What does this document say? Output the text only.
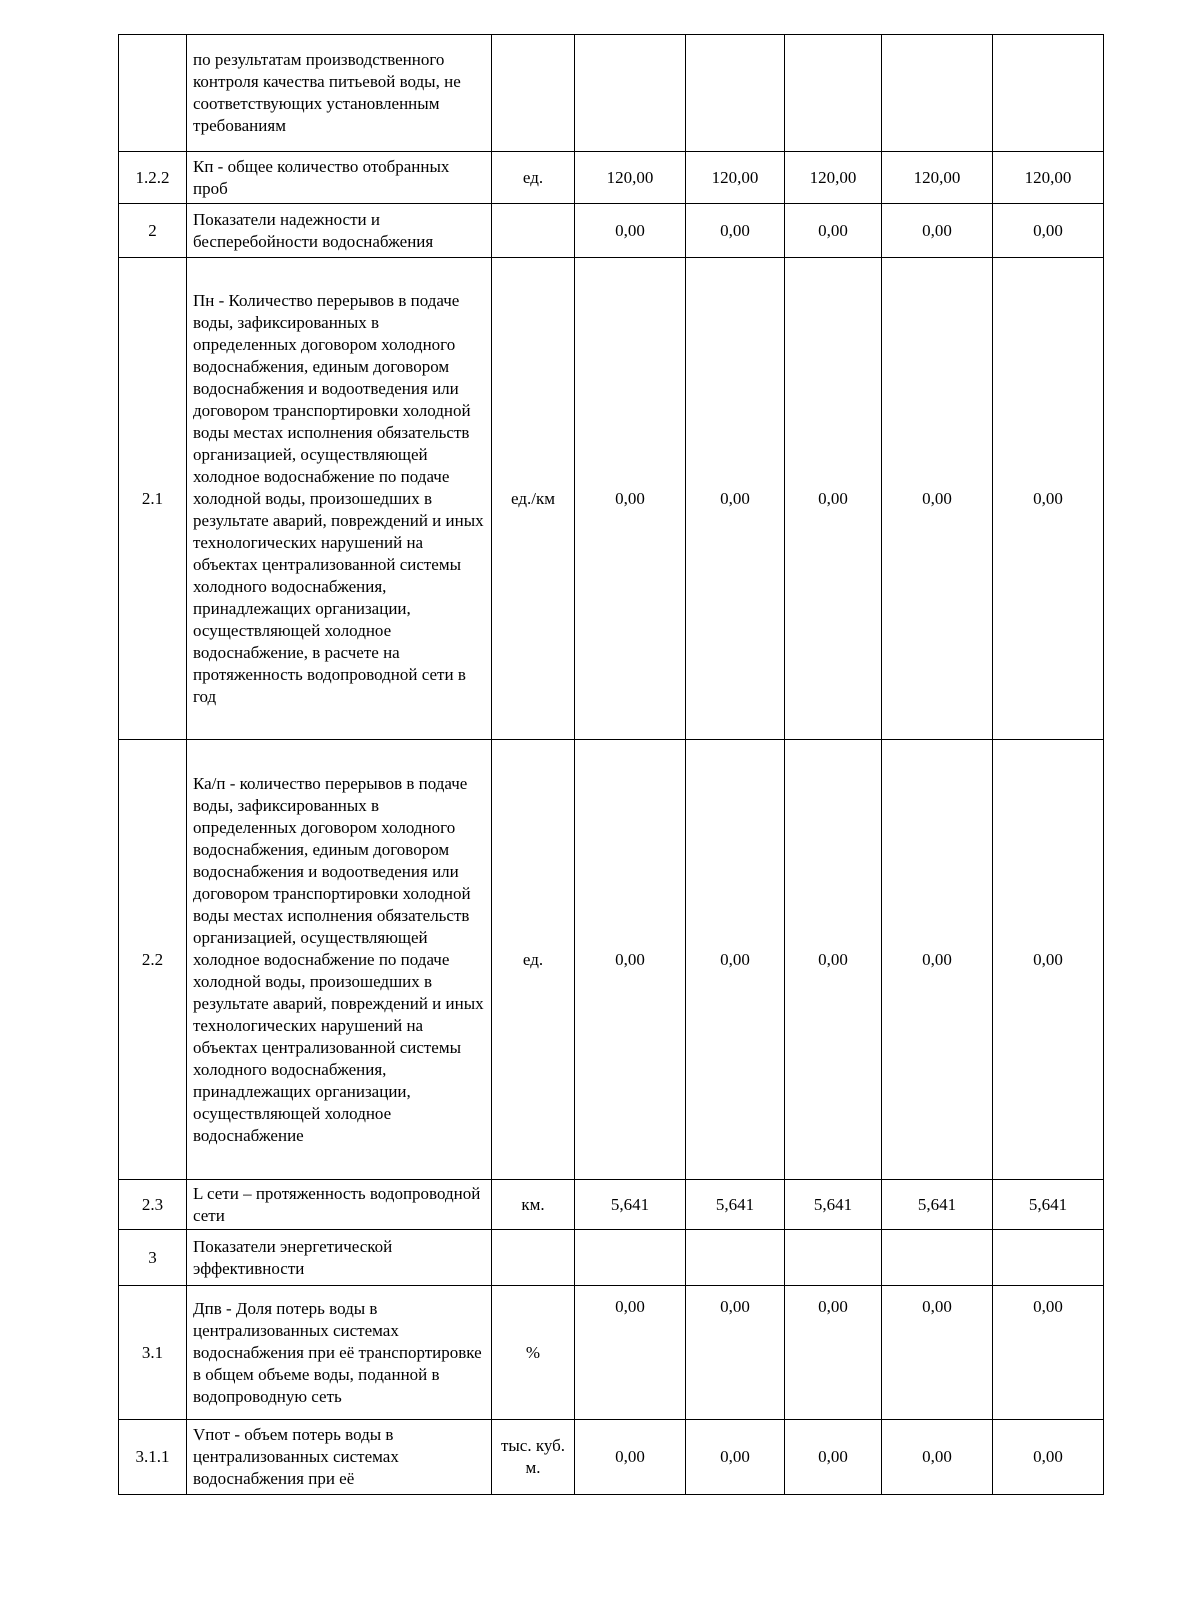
	по результатам производственного контроля качества питьевой воды, не соответствующих установленным требованиям						
1.2.2	Кп - общее количество отобранных проб	ед.	120,00	120,00	120,00	120,00	120,00
2	Показатели надежности и бесперебойности водоснабжения		0,00	0,00	0,00	0,00	0,00
2.1	Пн - Количество перерывов в подаче воды, зафиксированных в определенных договором холодного водоснабжения, единым договором водоснабжения и водоотведения или договором транспортировки холодной воды местах исполнения обязательств организацией, осуществляющей холодное водоснабжение по подаче холодной воды, произошедших в результате аварий, повреждений и иных технологических нарушений на объектах централизованной системы холодного водоснабжения, принадлежащих организации, осуществляющей холодное водоснабжение, в расчете на протяженность водопроводной сети в год	ед./км	0,00	0,00	0,00	0,00	0,00
2.2	Ка/п - количество перерывов в подаче воды, зафиксированных в определенных договором холодного водоснабжения, единым договором водоснабжения и водоотведения или договором транспортировки холодной воды местах исполнения обязательств организацией, осуществляющей холодное водоснабжение по подаче холодной воды, произошедших в результате аварий, повреждений и иных технологических нарушений на объектах централизованной системы холодного водоснабжения, принадлежащих организации, осуществляющей холодное водоснабжение	ед.	0,00	0,00	0,00	0,00	0,00
2.3	L сети – протяженность водопроводной сети	км.	5,641	5,641	5,641	5,641	5,641
3	Показатели энергетической эффективности						
3.1	Дпв - Доля потерь воды в централизованных системах водоснабжения при её транспортировке в общем объеме воды, поданной в водопроводную сеть	%	0,00	0,00	0,00	0,00	0,00
3.1.1	Vпот - объем потерь воды в централизованных системах водоснабжения при её	тыс. куб. м.	0,00	0,00	0,00	0,00	0,00
